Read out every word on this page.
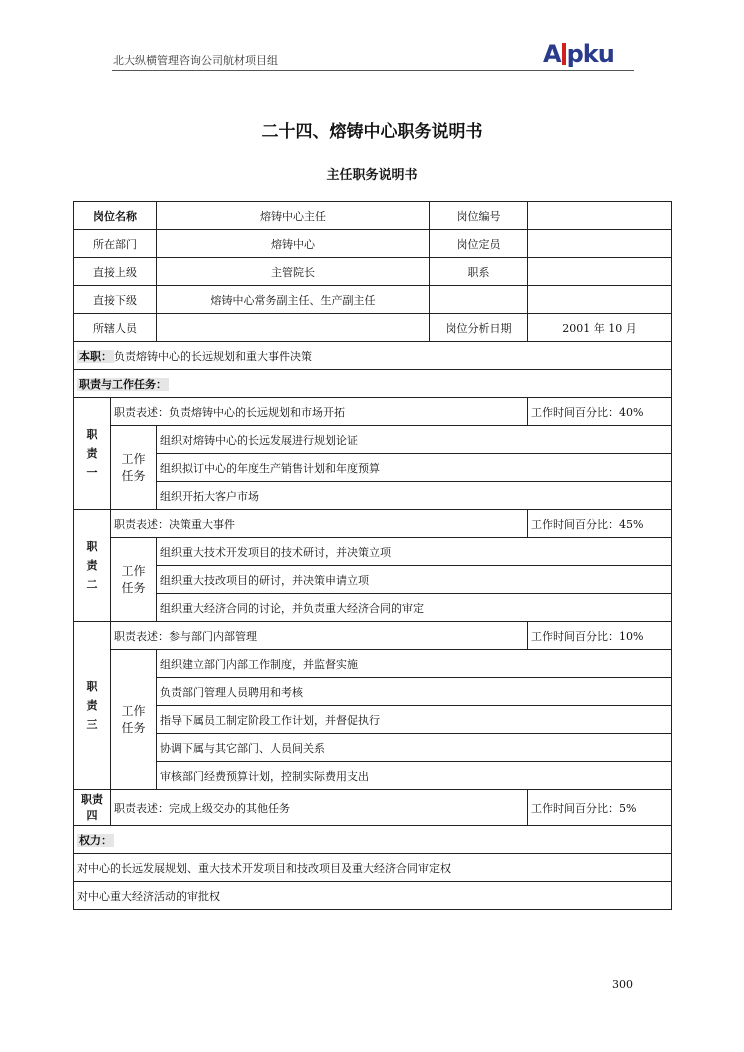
北大纵横管理咨询公司航材项目组	A pku
二十四、熔铸中心职务说明书
主任职务说明书
岗位名称		熔铸中心主任	岗位编号	
所在部门		熔铸中心	岗位定员	
直接上级		主管院长	职系	
直接下级		熔铸中心常务副主任、生产副主任		
所辖人员			岗位分析日期	2001 年 10 月
本职： 负责熔铸中心的长远规划和重大事件决策				
职责与工作任务：				

职责一	职责表述：负责熔铸中心的长远规划和市场开拓			工作时间百分比：40%

	工作任务	组织对熔铸中心的长远发展进行规划论证		
		组织拟订中心的年度生产销售计划和年度预算		
		组织开拓大客户市场		

职责二	职责表述：决策重大事件			工作时间百分比：45%

	工作任务	组织重大技术开发项目的技术研讨，并决策立项		
		组织重大技改项目的研讨，并决策申请立项		
		组织重大经济合同的讨论，并负责重大经济合同的审定		

职责三	职责表述：参与部门内部管理			工作时间百分比：10%

	工作任务	组织建立部门内部工作制度，并监督实施		
		负责部门管理人员聘用和考核		
		指导下属员工制定阶段工作计划，并督促执行		
		协调下属与其它部门、人员间关系		
		审核部门经费预算计划，控制实际费用支出		

职责四	职责表述：完成上级交办的其他任务			工作时间百分比：5%
权力：				
对中心的长远发展规划、重大技术开发项目和技改项目及重大经济合同审定权				
对中心重大经济活动的审批权				
300
